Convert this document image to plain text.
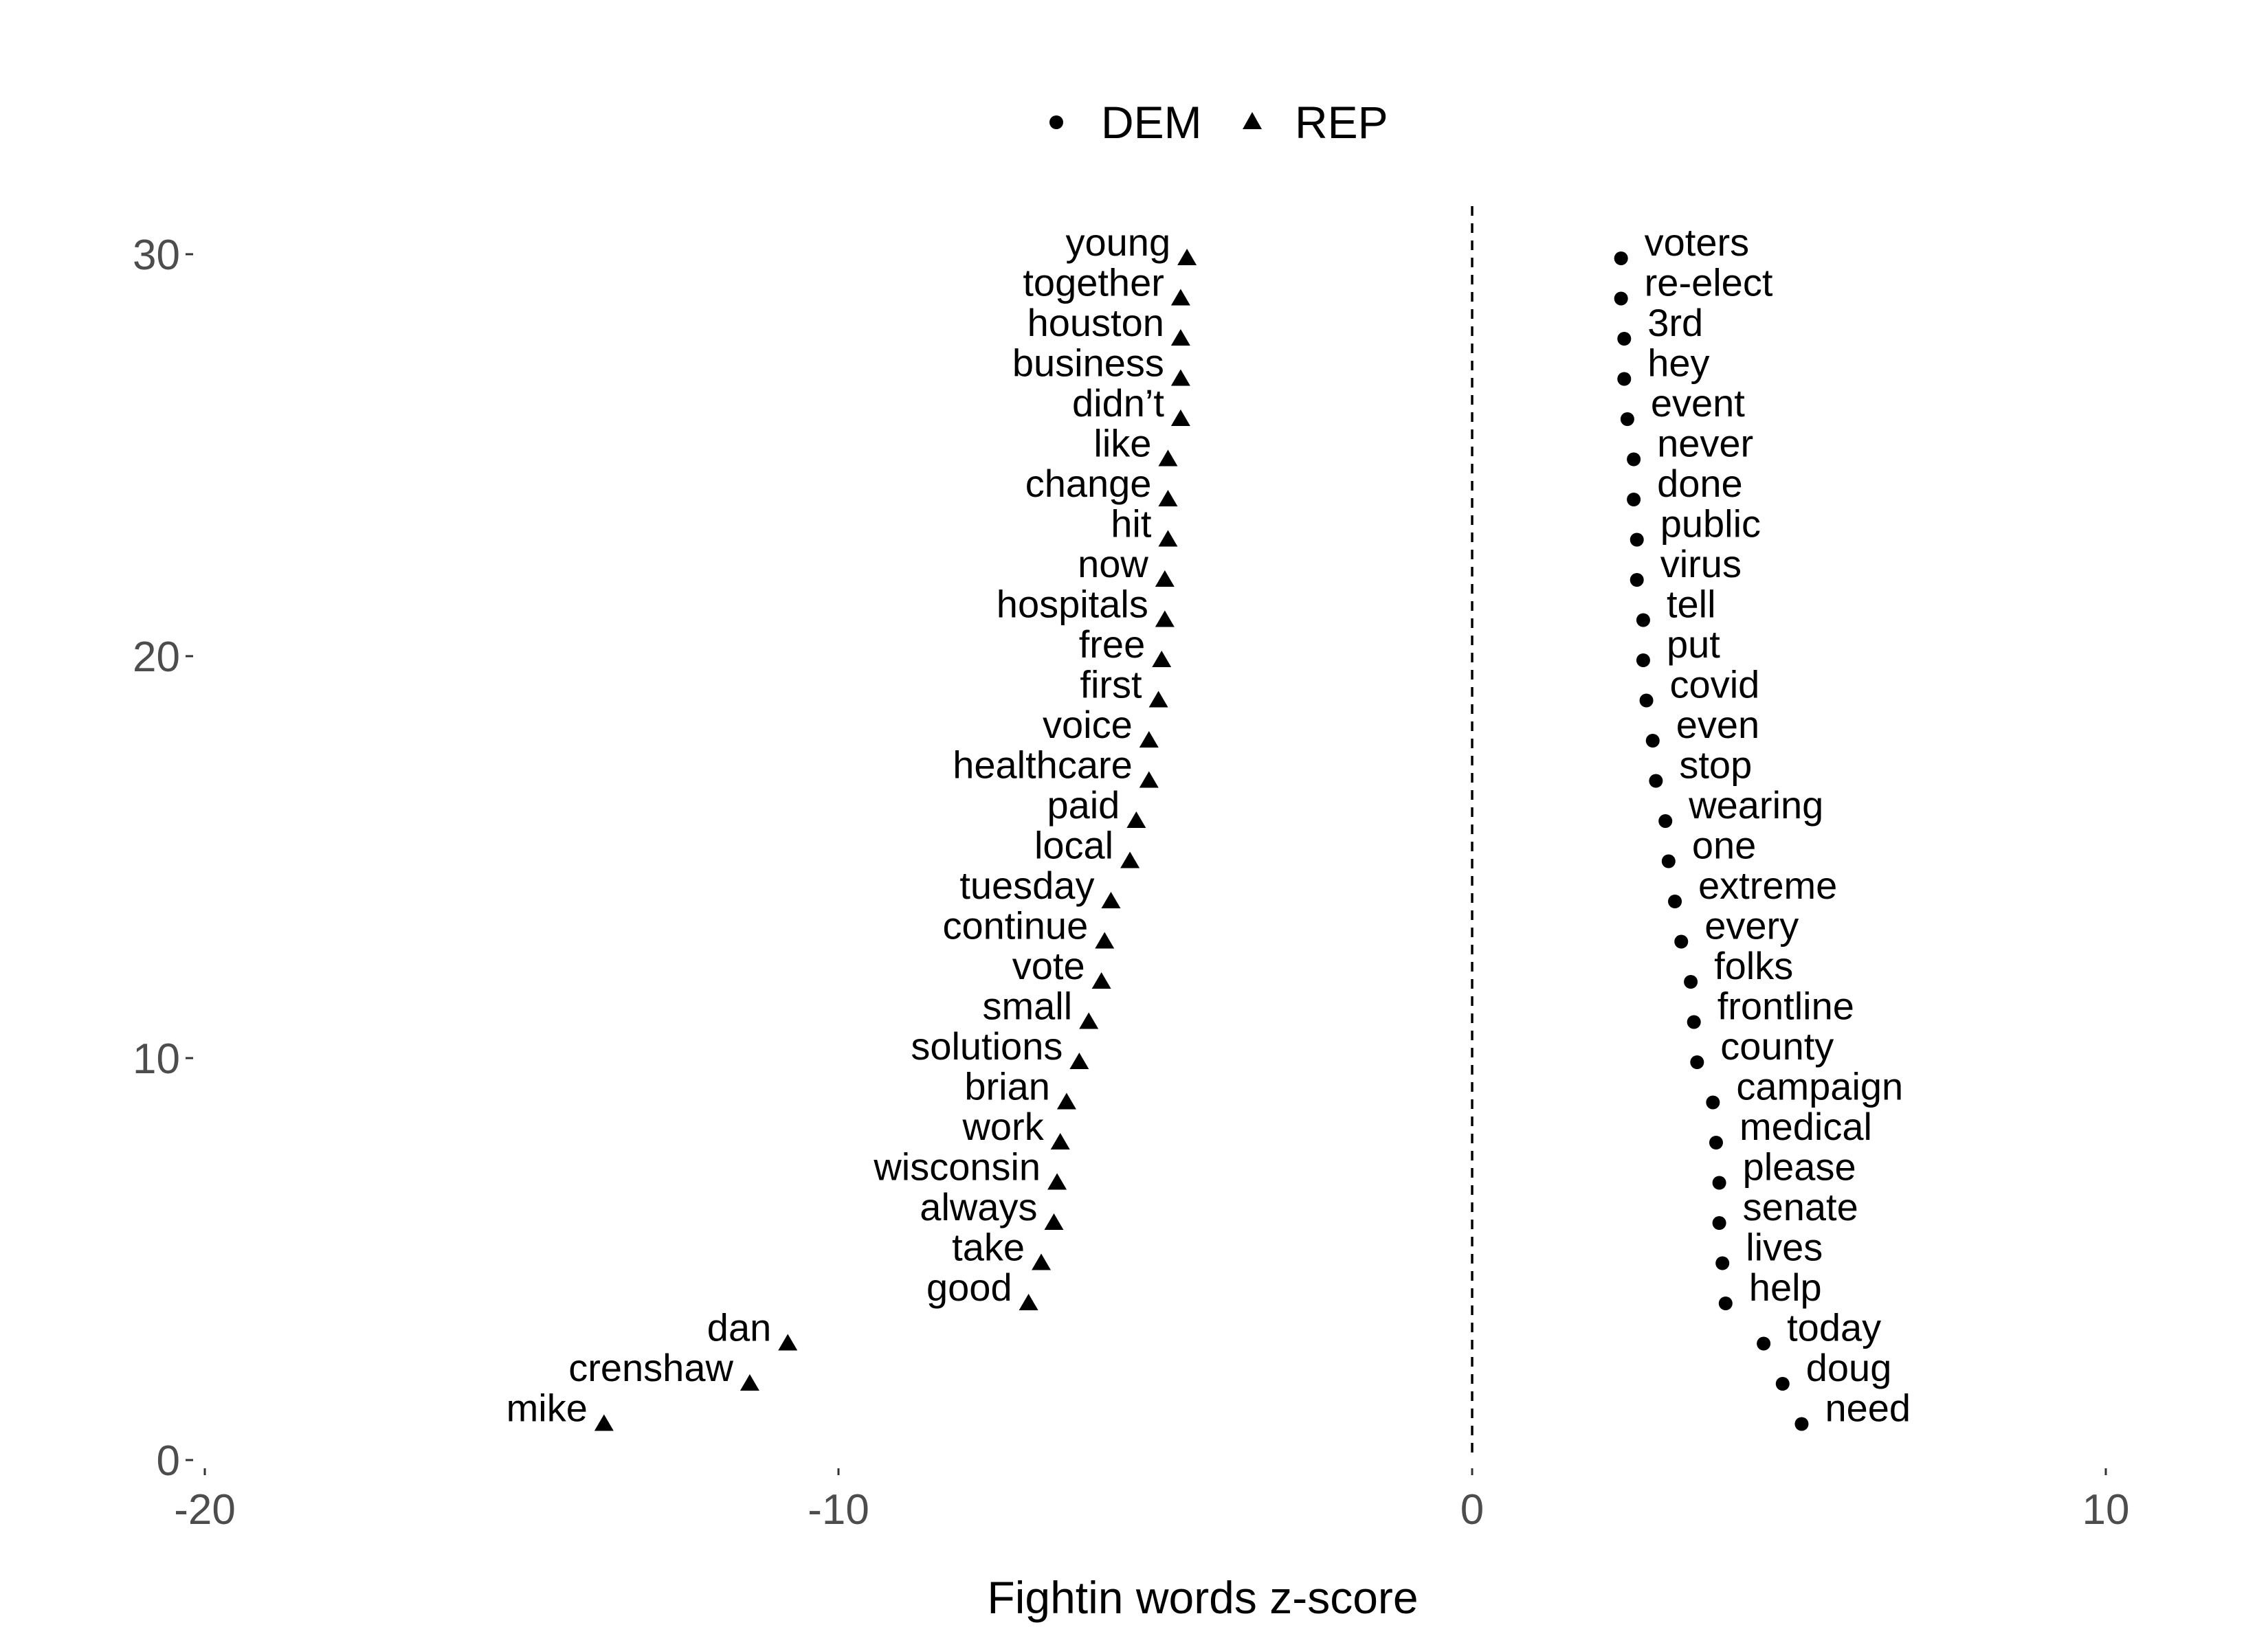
DEM REP
-20	-10	0	10
0
10
20
30
need
doug
today
help
lives
senate
please
medical
campaign
county
frontline
folks
every
extreme
one
wearing
stop
even
covid
put
tell
virus
public
done
never
event
hey
3rd
re-elect
voters
mike
crenshaw
dan
good
take
always
wisconsin
work
brian
solutions
small
vote
continue
tuesday
local
paid
healthcare
voice
first
free
hospitals
now
hit
change
like
didn’t
business
houston
together
young
Fightin words z-score
